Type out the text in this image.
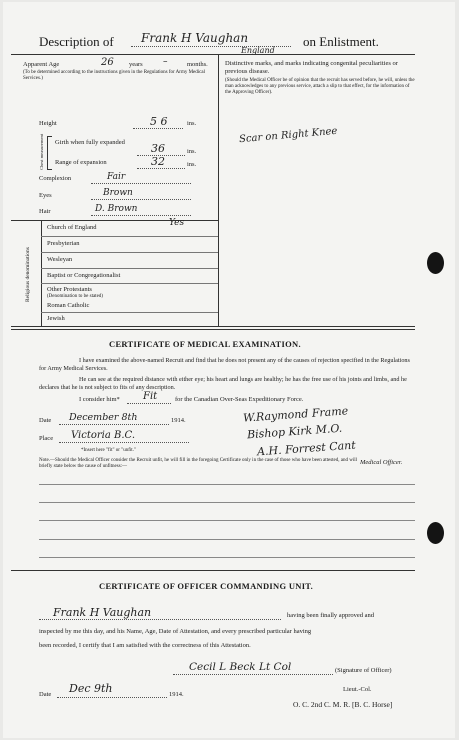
Description of Frank H Vaughan
England
on Enlistment.
Apparent Age	26 years –	months.
(To be determined according to the instructions given in the Regulations for Army Medical Services.)
Height	5 6	ins.
Chest measurement Girth when fully expanded	36	ins.
Range of expansion	32	ins.
Complexion	Fair
Eyes	Brown
Hair	D. Brown
Religious denominations
Church of England	Yes
Presbyterian
Wesleyan
Baptist or Congregationalist
Other Protestants
(Denomination to be stated)
Roman Catholic
Jewish
Distinctive marks, and marks indicating congenital peculiarities or previous disease.
(Should the Medical Officer be of opinion that the recruit has served before, he will, unless the man acknowledges to any previous service, attach a slip to that effect, for the information of the Approving Officer).
Scar on Right Knee
CERTIFICATE OF MEDICAL EXAMINATION.
I have examined the above-named Recruit and find that he does not present any of the causes of rejection specified in the Regulations for Army Medical Services.
He can see at the required distance with either eye; his heart and lungs are healthy; he has the free use of his joints and limbs, and he declares that he is not subject to fits of any description.
I consider him* Fit	for the Canadian Over-Seas Expeditionary Force.
Date December 8th	1914.
Place Victoria B.C.
W.Raymond Frame
Bishop Kirk M.O.
A.H. Forrest Cant
*Insert here "fit" or "unfit."
Note.—Should the Medical Officer consider the Recruit unfit, he will fill in the foregoing Certificate only in the case of those who have been attested, and will briefly state below the cause of unfitness:—
Medical Officer.
CERTIFICATE OF OFFICER COMMANDING UNIT.
Frank H Vaughan	having been finally approved and
inspected by me this day, and his Name, Age, Date of Attestation, and every prescribed particular having
been recorded, I certify that I am satisfied with the correctness of this Attestation.
Cecil L Beck Lt Col	(Signature of Officer)
Date Dec 9th	1914.
Lieut.-Col.
O. C. 2nd C. M. R. [B. C. Horse]
